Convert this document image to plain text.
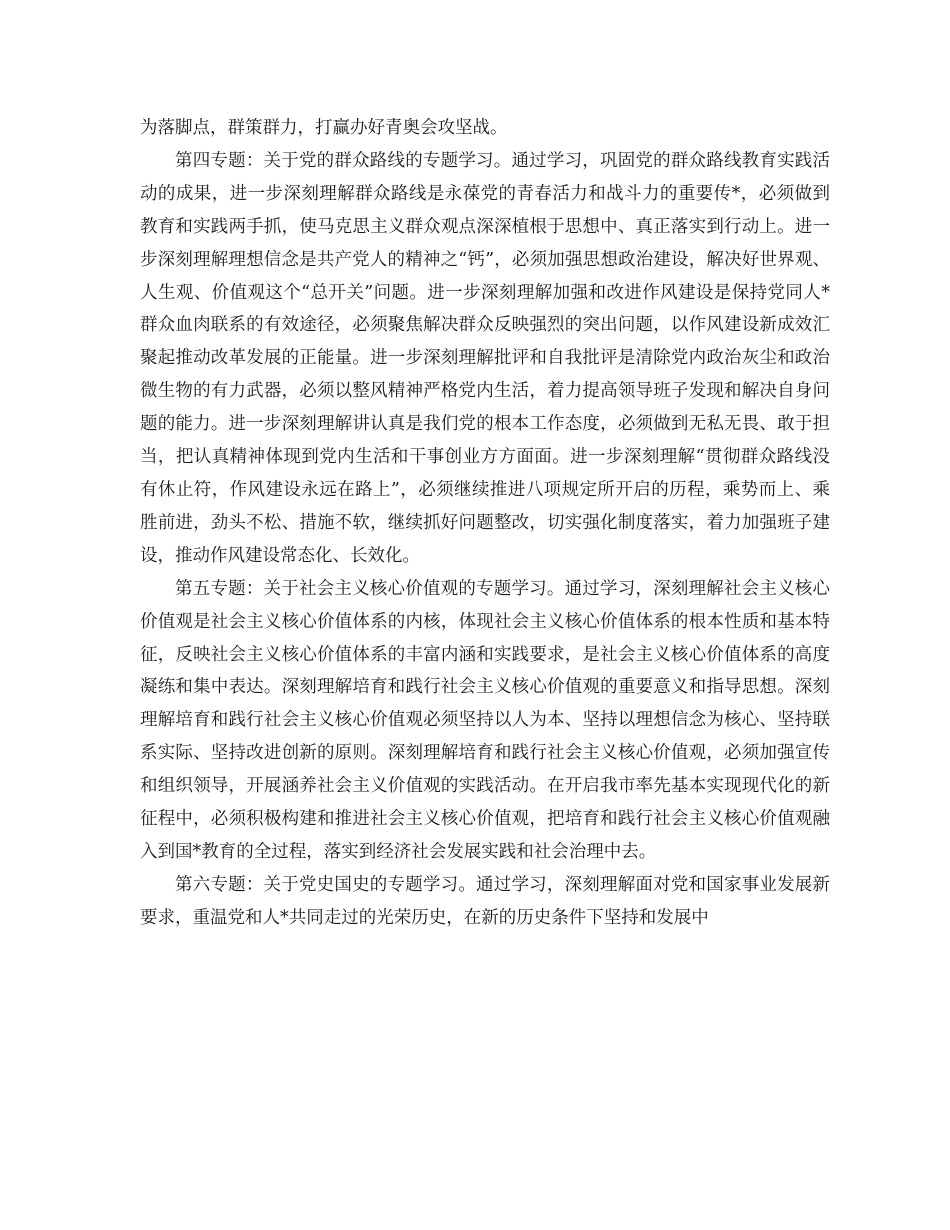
为落脚点，群策群力，打赢办好青奥会攻坚战。

第四专题：关于党的群众路线的专题学习。通过学习，巩固党的群众路线教育实践活动的成果，进一步深刻理解群众路线是永葆党的青春活力和战斗力的重要传*，必须做到教育和实践两手抓，使马克思主义群众观点深深植根于思想中、真正落实到行动上。进一步深刻理解理想信念是共产党人的精神之“钙”，必须加强思想政治建设，解决好世界观、人生观、价值观这个“总开关”问题。进一步深刻理解加强和改进作风建设是保持党同人*群众血肉联系的有效途径，必须聚焦解决群众反映强烈的突出问题，以作风建设新成效汇聚起推动改革发展的正能量。进一步深刻理解批评和自我批评是清除党内政治灰尘和政治微生物的有力武器，必须以整风精神严格党内生活，着力提高领导班子发现和解决自身问题的能力。进一步深刻理解讲认真是我们党的根本工作态度，必须做到无私无畏、敢于担当，把认真精神体现到党内生活和干事创业方方面面。进一步深刻理解“贯彻群众路线没有休止符，作风建设永远在路上”，必须继续推进八项规定所开启的历程，乘势而上、乘胜前进，劲头不松、措施不软，继续抓好问题整改，切实强化制度落实，着力加强班子建设，推动作风建设常态化、长效化。

第五专题：关于社会主义核心价值观的专题学习。通过学习，深刻理解社会主义核心价值观是社会主义核心价值体系的内核，体现社会主义核心价值体系的根本性质和基本特征，反映社会主义核心价值体系的丰富内涵和实践要求，是社会主义核心价值体系的高度凝练和集中表达。深刻理解培育和践行社会主义核心价值观的重要意义和指导思想。深刻理解培育和践行社会主义核心价值观必须坚持以人为本、坚持以理想信念为核心、坚持联系实际、坚持改进创新的原则。深刻理解培育和践行社会主义核心价值观，必须加强宣传和组织领导，开展涵养社会主义价值观的实践活动。在开启我市率先基本实现现代化的新征程中，必须积极构建和推进社会主义核心价值观，把培育和践行社会主义核心价值观融入到国*教育的全过程，落实到经济社会发展实践和社会治理中去。

第六专题：关于党史国史的专题学习。通过学习，深刻理解面对党和国家事业发展新要求，重温党和人*共同走过的光荣历史，在新的历史条件下坚持和发展中
